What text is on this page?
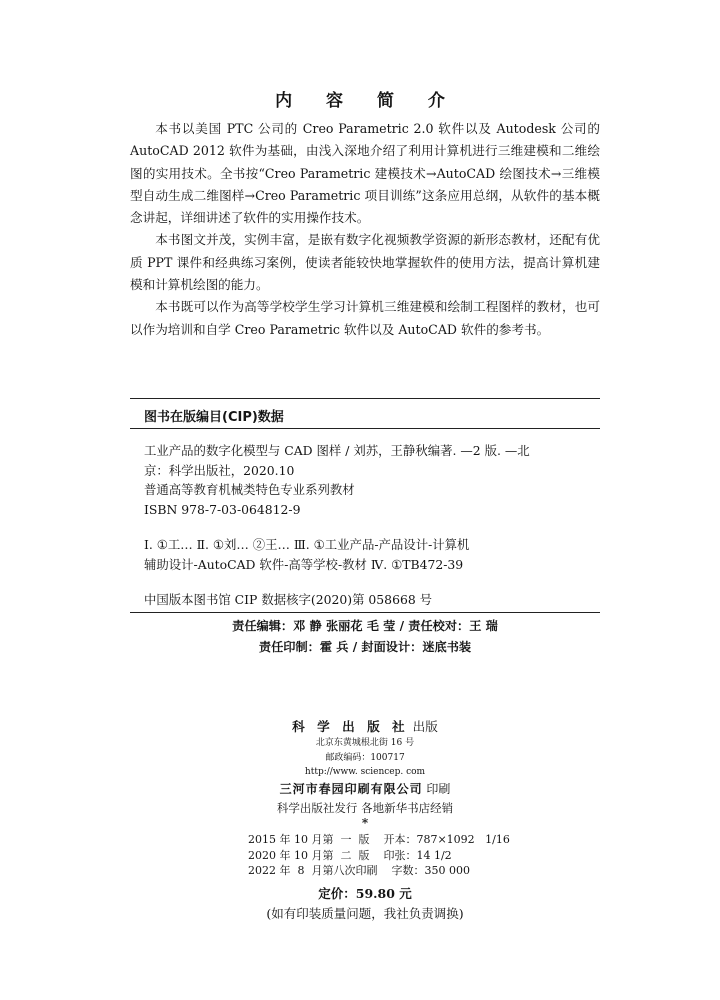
内 容 简 介

本书以美国 PTC 公司的 Creo Parametric 2.0 软件以及 Autodesk 公司的 AutoCAD 2012 软件为基础，由浅入深地介绍了利用计算机进行三维建模和二维绘图的实用技术。全书按“Creo Parametric 建模技术→AutoCAD 绘图技术→三维模型自动生成二维图样→Creo Parametric 项目训练”这条应用总纲，从软件的基本概念讲起，详细讲述了软件的实用操作技术。

本书图文并茂，实例丰富，是嵌有数字化视频教学资源的新形态教材，还配有优质 PPT 课件和经典练习案例，使读者能较快地掌握软件的使用方法，提高计算机建模和计算机绘图的能力。

本书既可以作为高等学校学生学习计算机三维建模和绘制工程图样的教材，也可以作为培训和自学 Creo Parametric 软件以及 AutoCAD 软件的参考书。

图书在版编目(CIP)数据
工业产品的数字化模型与 CAD 图样 / 刘苏，王静秋编著. —2 版. —北
京：科学出版社，2020.10
普通高等教育机械类特色专业系列教材
ISBN 978-7-03-064812-9
Ⅰ. ①工… Ⅱ. ①刘… ②王… Ⅲ. ①工业产品-产品设计-计算机
辅助设计-AutoCAD 软件-高等学校-教材 Ⅳ. ①TB472-39
中国版本图书馆 CIP 数据核字(2020)第 058668 号
责任编辑：邓 静 张丽花 毛 莹 / 责任校对：王 瑞
责任印制：霍 兵 / 封面设计：迷底书装
科 学 出 版 社 出版
北京东黄城根北街 16 号
邮政编码：100717
http://www. sciencep. com
三河市春园印刷有限公司 印刷
科学出版社发行 各地新华书店经销
*
2015 年 10 月第  一  版    开本：787×1092   1/16
2020 年 10 月第  二  版    印张：14 1/2
2022 年  8  月第八次印刷    字数：350 000
定价：59.80 元
(如有印装质量问题，我社负责调换)
